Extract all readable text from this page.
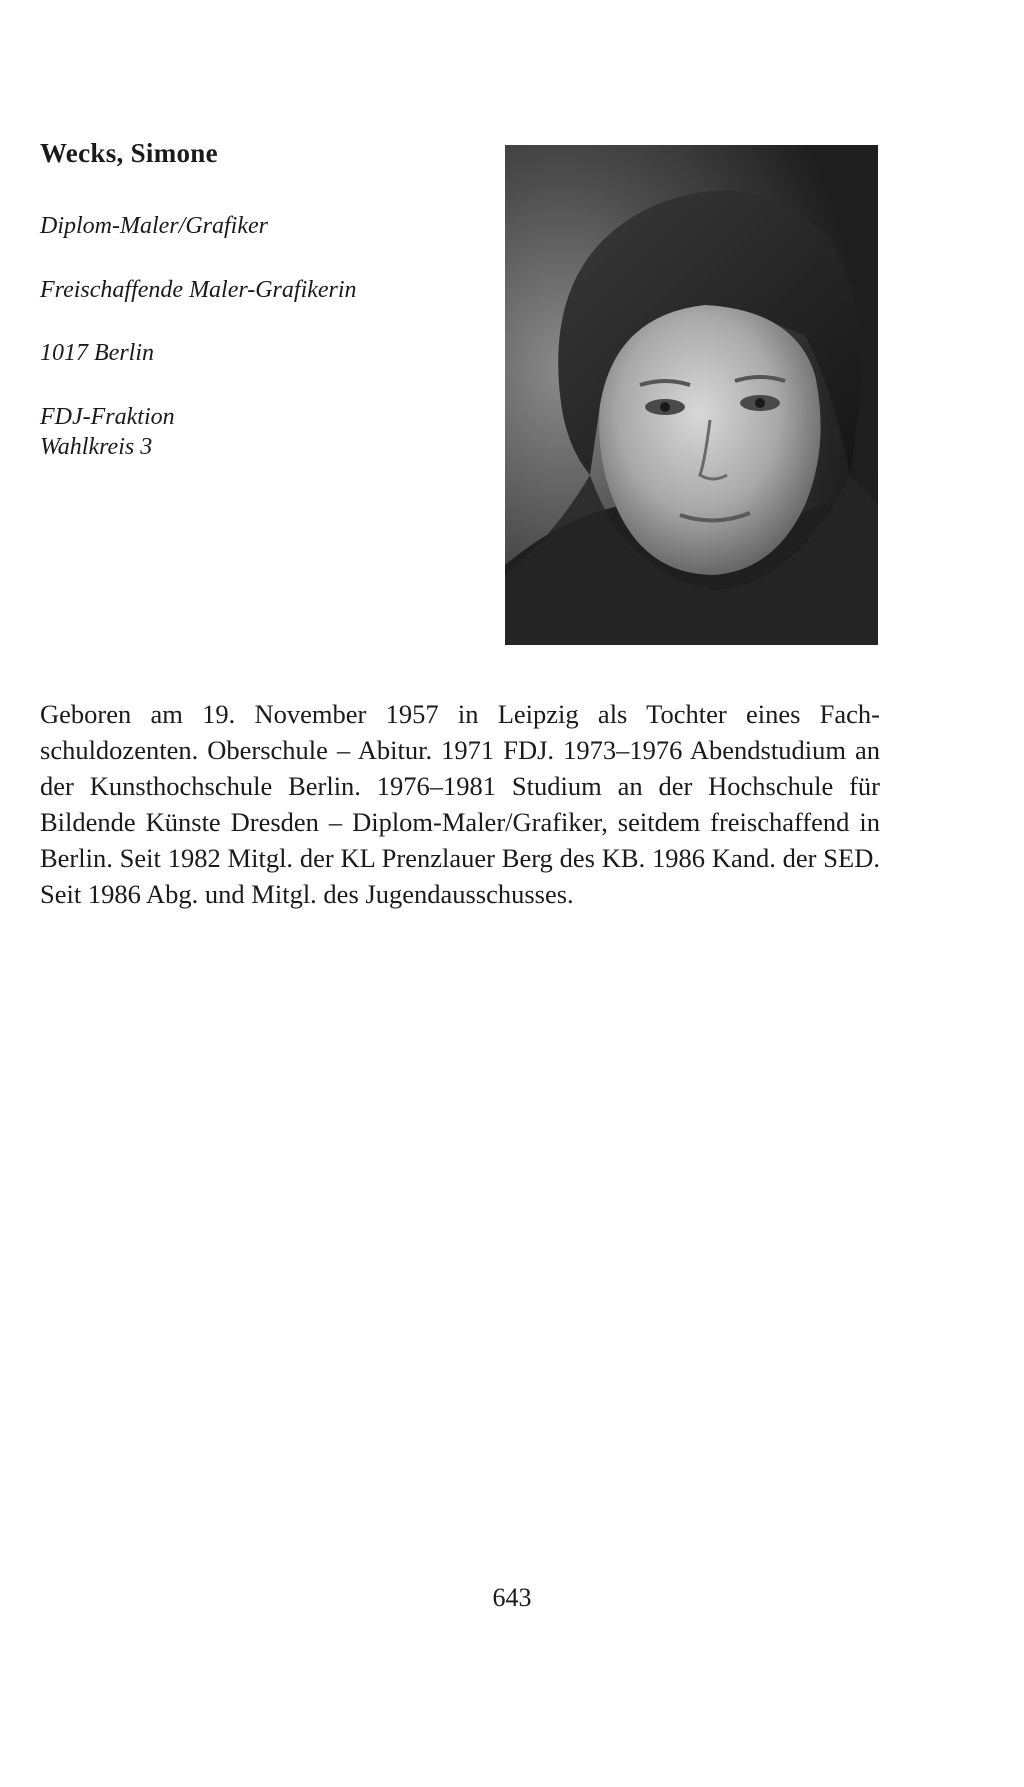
Wecks, Simone

Diplom-Maler/Grafiker

Freischaffende Maler-Grafikerin

1017 Berlin

FDJ-Fraktion

Wahlkreis 3

Geboren am 19. November 1957 in Leipzig als Tochter eines Fachschuldozenten. Oberschule – Abitur. 1971 FDJ. 1973–1976 Abendstudium an der Kunsthochschule Berlin. 1976–1981 Studium an der Hochschule für Bildende Künste Dresden – Diplom-Maler/Grafiker, seitdem freischaffend in Berlin. Seit 1982 Mitgl. der KL Prenzlauer Berg des KB. 1986 Kand. der SED. Seit 1986 Abg. und Mitgl. des Jugendausschusses.

643
